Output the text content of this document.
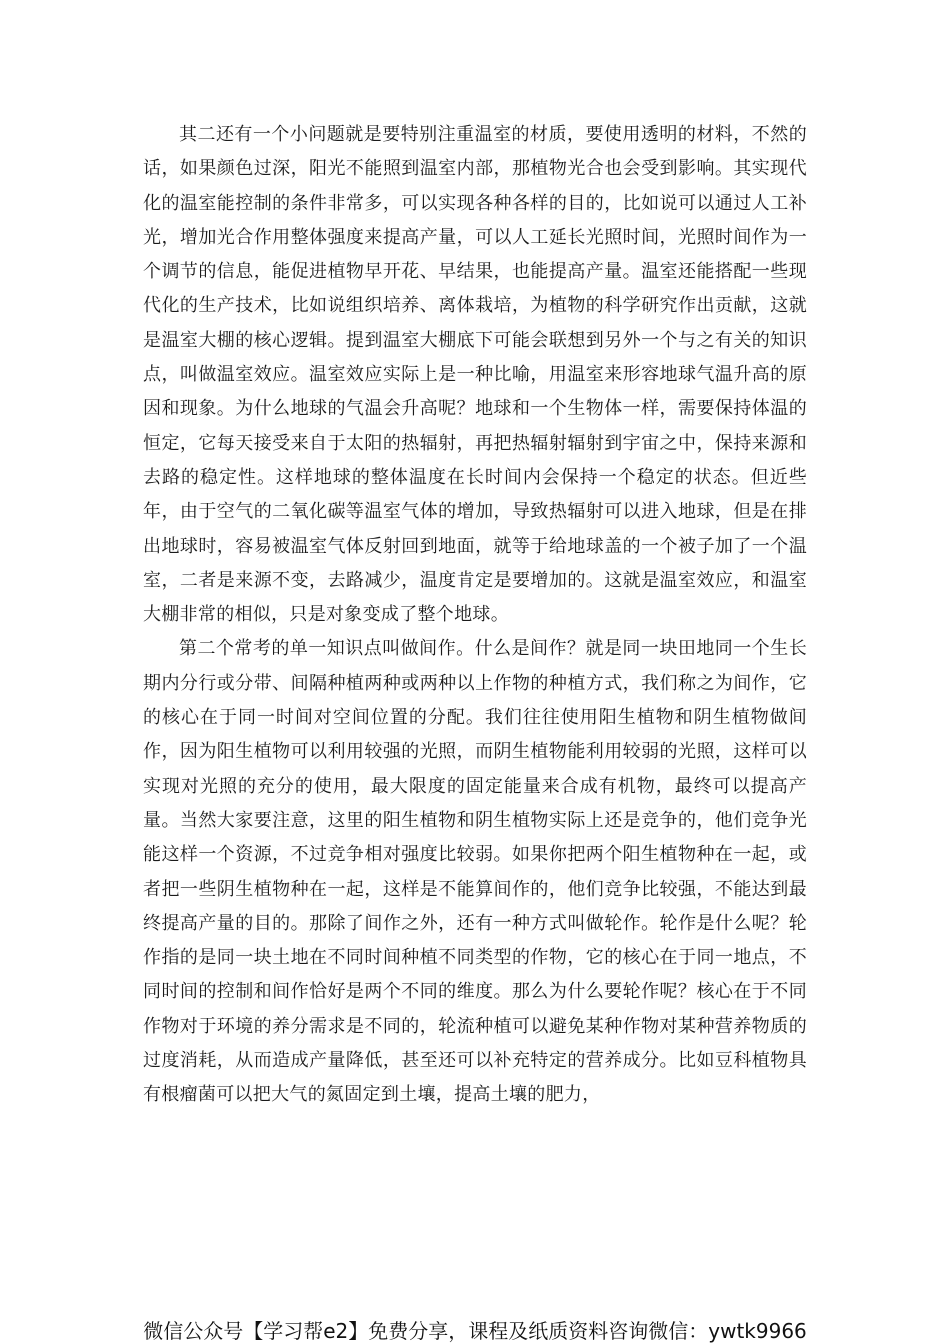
其二还有一个小问题就是要特别注重温室的材质，要使用透明的材料，不然的话，如果颜色过深，阳光不能照到温室内部，那植物光合也会受到影响。其实现代化的温室能控制的条件非常多，可以实现各种各样的目的，比如说可以通过人工补光，增加光合作用整体强度来提高产量，可以人工延长光照时间，光照时间作为一个调节的信息，能促进植物早开花、早结果，也能提高产量。温室还能搭配一些现代化的生产技术，比如说组织培养、离体栽培，为植物的科学研究作出贡献，这就是温室大棚的核心逻辑。提到温室大棚底下可能会联想到另外一个与之有关的知识点，叫做温室效应。温室效应实际上是一种比喻，用温室来形容地球气温升高的原因和现象。为什么地球的气温会升高呢？地球和一个生物体一样，需要保持体温的恒定，它每天接受来自于太阳的热辐射，再把热辐射辐射到宇宙之中，保持来源和去路的稳定性。这样地球的整体温度在长时间内会保持一个稳定的状态。但近些年，由于空气的二氧化碳等温室气体的增加，导致热辐射可以进入地球，但是在排出地球时，容易被温室气体反射回到地面，就等于给地球盖的一个被子加了一个温室，二者是来源不变，去路减少，温度肯定是要增加的。这就是温室效应，和温室大棚非常的相似，只是对象变成了整个地球。

第二个常考的单一知识点叫做间作。什么是间作？就是同一块田地同一个生长期内分行或分带、间隔种植两种或两种以上作物的种植方式，我们称之为间作，它的核心在于同一时间对空间位置的分配。我们往往使用阳生植物和阴生植物做间作，因为阳生植物可以利用较强的光照，而阴生植物能利用较弱的光照，这样可以实现对光照的充分的使用，最大限度的固定能量来合成有机物，最终可以提高产量。当然大家要注意，这里的阳生植物和阴生植物实际上还是竞争的，他们竞争光能这样一个资源，不过竞争相对强度比较弱。如果你把两个阳生植物种在一起，或者把一些阴生植物种在一起，这样是不能算间作的，他们竞争比较强，不能达到最终提高产量的目的。那除了间作之外，还有一种方式叫做轮作。轮作是什么呢？轮作指的是同一块土地在不同时间种植不同类型的作物，它的核心在于同一地点，不同时间的控制和间作恰好是两个不同的维度。那么为什么要轮作呢？核心在于不同作物对于环境的养分需求是不同的，轮流种植可以避免某种作物对某种营养物质的过度消耗，从而造成产量降低，甚至还可以补充特定的营养成分。比如豆科植物具有根瘤菌可以把大气的氮固定到土壤，提高土壤的肥力，

微信公众号【学习帮e2】免费分享，课程及纸质资料咨询微信：ywtk9966
